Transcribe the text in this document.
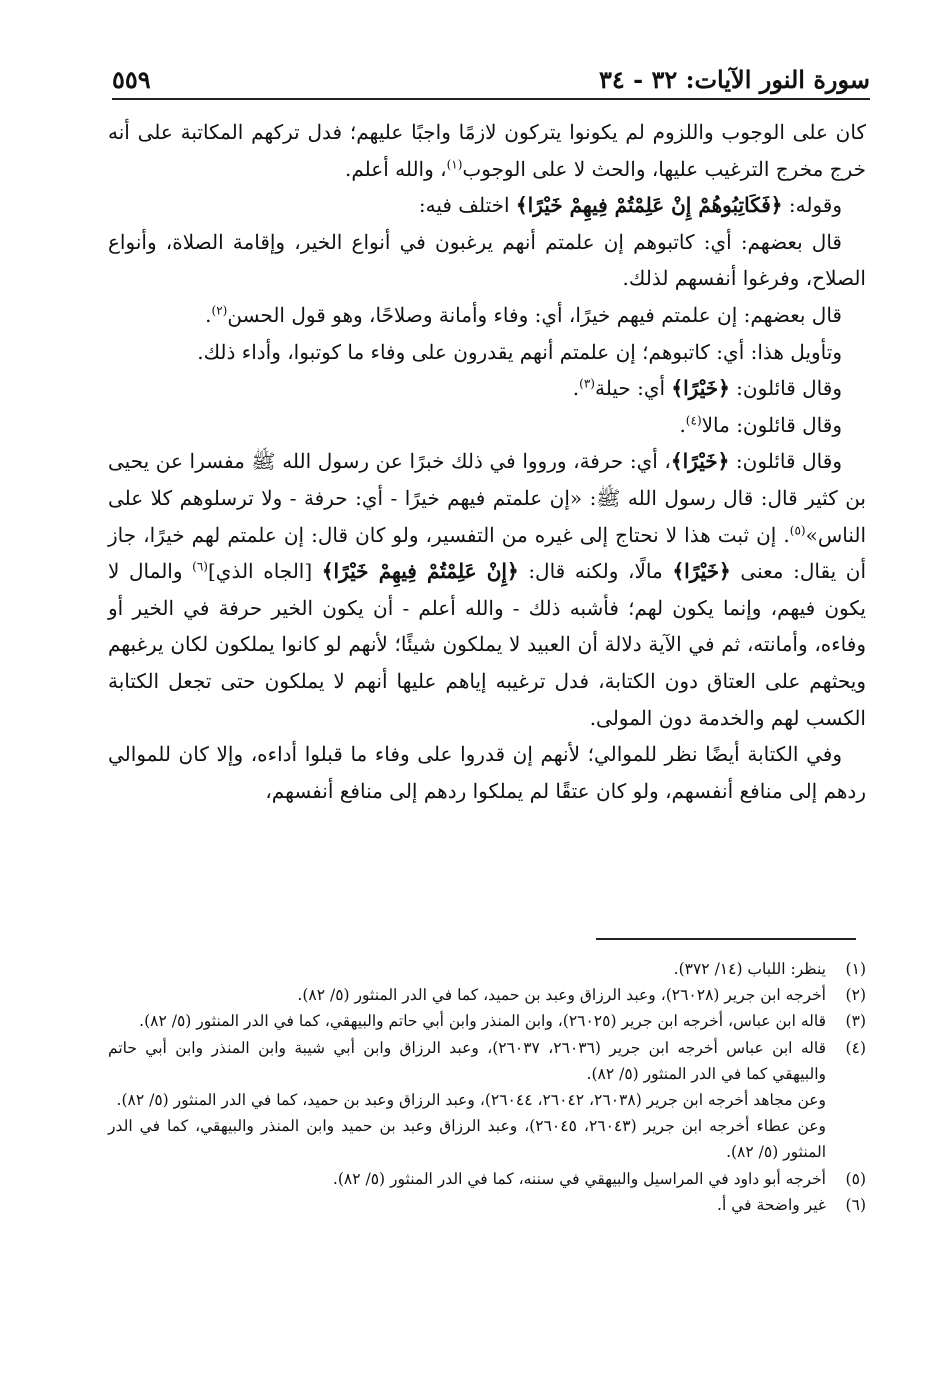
سورة النور الآيات: ٣٢ - ٣٤
٥٥٩

كان على الوجوب واللزوم لم يكونوا يتركون لازمًا واجبًا عليهم؛ فدل تركهم المكاتبة على أنه خرج مخرج الترغيب عليها، والحث لا على الوجوب$^{(١)}$، والله أعلم.

وقوله: ﴿فَكَاتِبُوهُمْ إِنْ عَلِمْتُمْ فِيهِمْ خَيْرًا﴾ اختلف فيه:

قال بعضهم: أي: كاتبوهم إن علمتم أنهم يرغبون في أنواع الخير، وإقامة الصلاة، وأنواع الصلاح، وفرغوا أنفسهم لذلك.

قال بعضهم: إن علمتم فيهم خيرًا، أي: وفاء وأمانة وصلاحًا، وهو قول الحسن$^{(٢)}$.

وتأويل هذا: أي: كاتبوهم؛ إن علمتم أنهم يقدرون على وفاء ما كوتبوا، وأداء ذلك.

وقال قائلون: ﴿خَيْرًا﴾ أي: حيلة$^{(٣)}$.

وقال قائلون: مالا$^{(٤)}$.

وقال قائلون: ﴿خَيْرًا﴾، أي: حرفة، ورووا في ذلك خبرًا عن رسول الله ﷺ مفسرا عن يحيى بن كثير قال: قال رسول الله ﷺ: «إن علمتم فيهم خيرًا - أي: حرفة - ولا ترسلوهم كلا على الناس»$^{(٥)}$. إن ثبت هذا لا نحتاج إلى غيره من التفسير، ولو كان قال: إن علمتم لهم خيرًا، جاز أن يقال: معنى ﴿خَيْرًا﴾ مالًا، ولكنه قال: ﴿إِنْ عَلِمْتُمْ فِيهِمْ خَيْرًا﴾ [الجاه الذي]$^{(٦)}$ والمال لا يكون فيهم، وإنما يكون لهم؛ فأشبه ذلك - والله أعلم - أن يكون الخير حرفة في الخير أو وفاءه، وأمانته، ثم في الآية دلالة أن العبيد لا يملكون شيئًا؛ لأنهم لو كانوا يملكون لكان يرغبهم ويحثهم على العتاق دون الكتابة، فدل ترغيبه إياهم عليها أنهم لا يملكون حتى تجعل الكتابة الكسب لهم والخدمة دون المولى.

وفي الكتابة أيضًا نظر للموالي؛ لأنهم إن قدروا على وفاء ما قبلوا أداءه، وإلا كان للموالي ردهم إلى منافع أنفسهم، ولو كان عتقًا لم يملكوا ردهم إلى منافع أنفسهم،

(١)
ينظر: اللباب (١٤/ ٣٧٢).
(٢)
أخرجه ابن جرير (٢٦٠٢٨)، وعبد الرزاق وعبد بن حميد، كما في الدر المنثور (٥/ ٨٢).
(٣)
قاله ابن عباس، أخرجه ابن جرير (٢٦٠٢٥)، وابن المنذر وابن أبي حاتم والبيهقي، كما في الدر المنثور (٥/ ٨٢).
(٤)
قاله ابن عباس أخرجه ابن جرير (٢٦٠٣٦، ٢٦٠٣٧)، وعبد الرزاق وابن أبي شيبة وابن المنذر وابن أبي حاتم والبيهقي كما في الدر المنثور (٥/ ٨٢).
وعن مجاهد أخرجه ابن جرير (٢٦٠٣٨، ٢٦٠٤٢، ٢٦٠٤٤)، وعبد الرزاق وعبد بن حميد، كما في الدر المنثور (٥/ ٨٢).
وعن عطاء أخرجه ابن جرير (٢٦٠٤٣، ٢٦٠٤٥)، وعبد الرزاق وعبد بن حميد وابن المنذر والبيهقي، كما في الدر المنثور (٥/ ٨٢).
(٥)
أخرجه أبو داود في المراسيل والبيهقي في سننه، كما في الدر المنثور (٥/ ٨٢).
(٦)
غير واضحة في أ.
